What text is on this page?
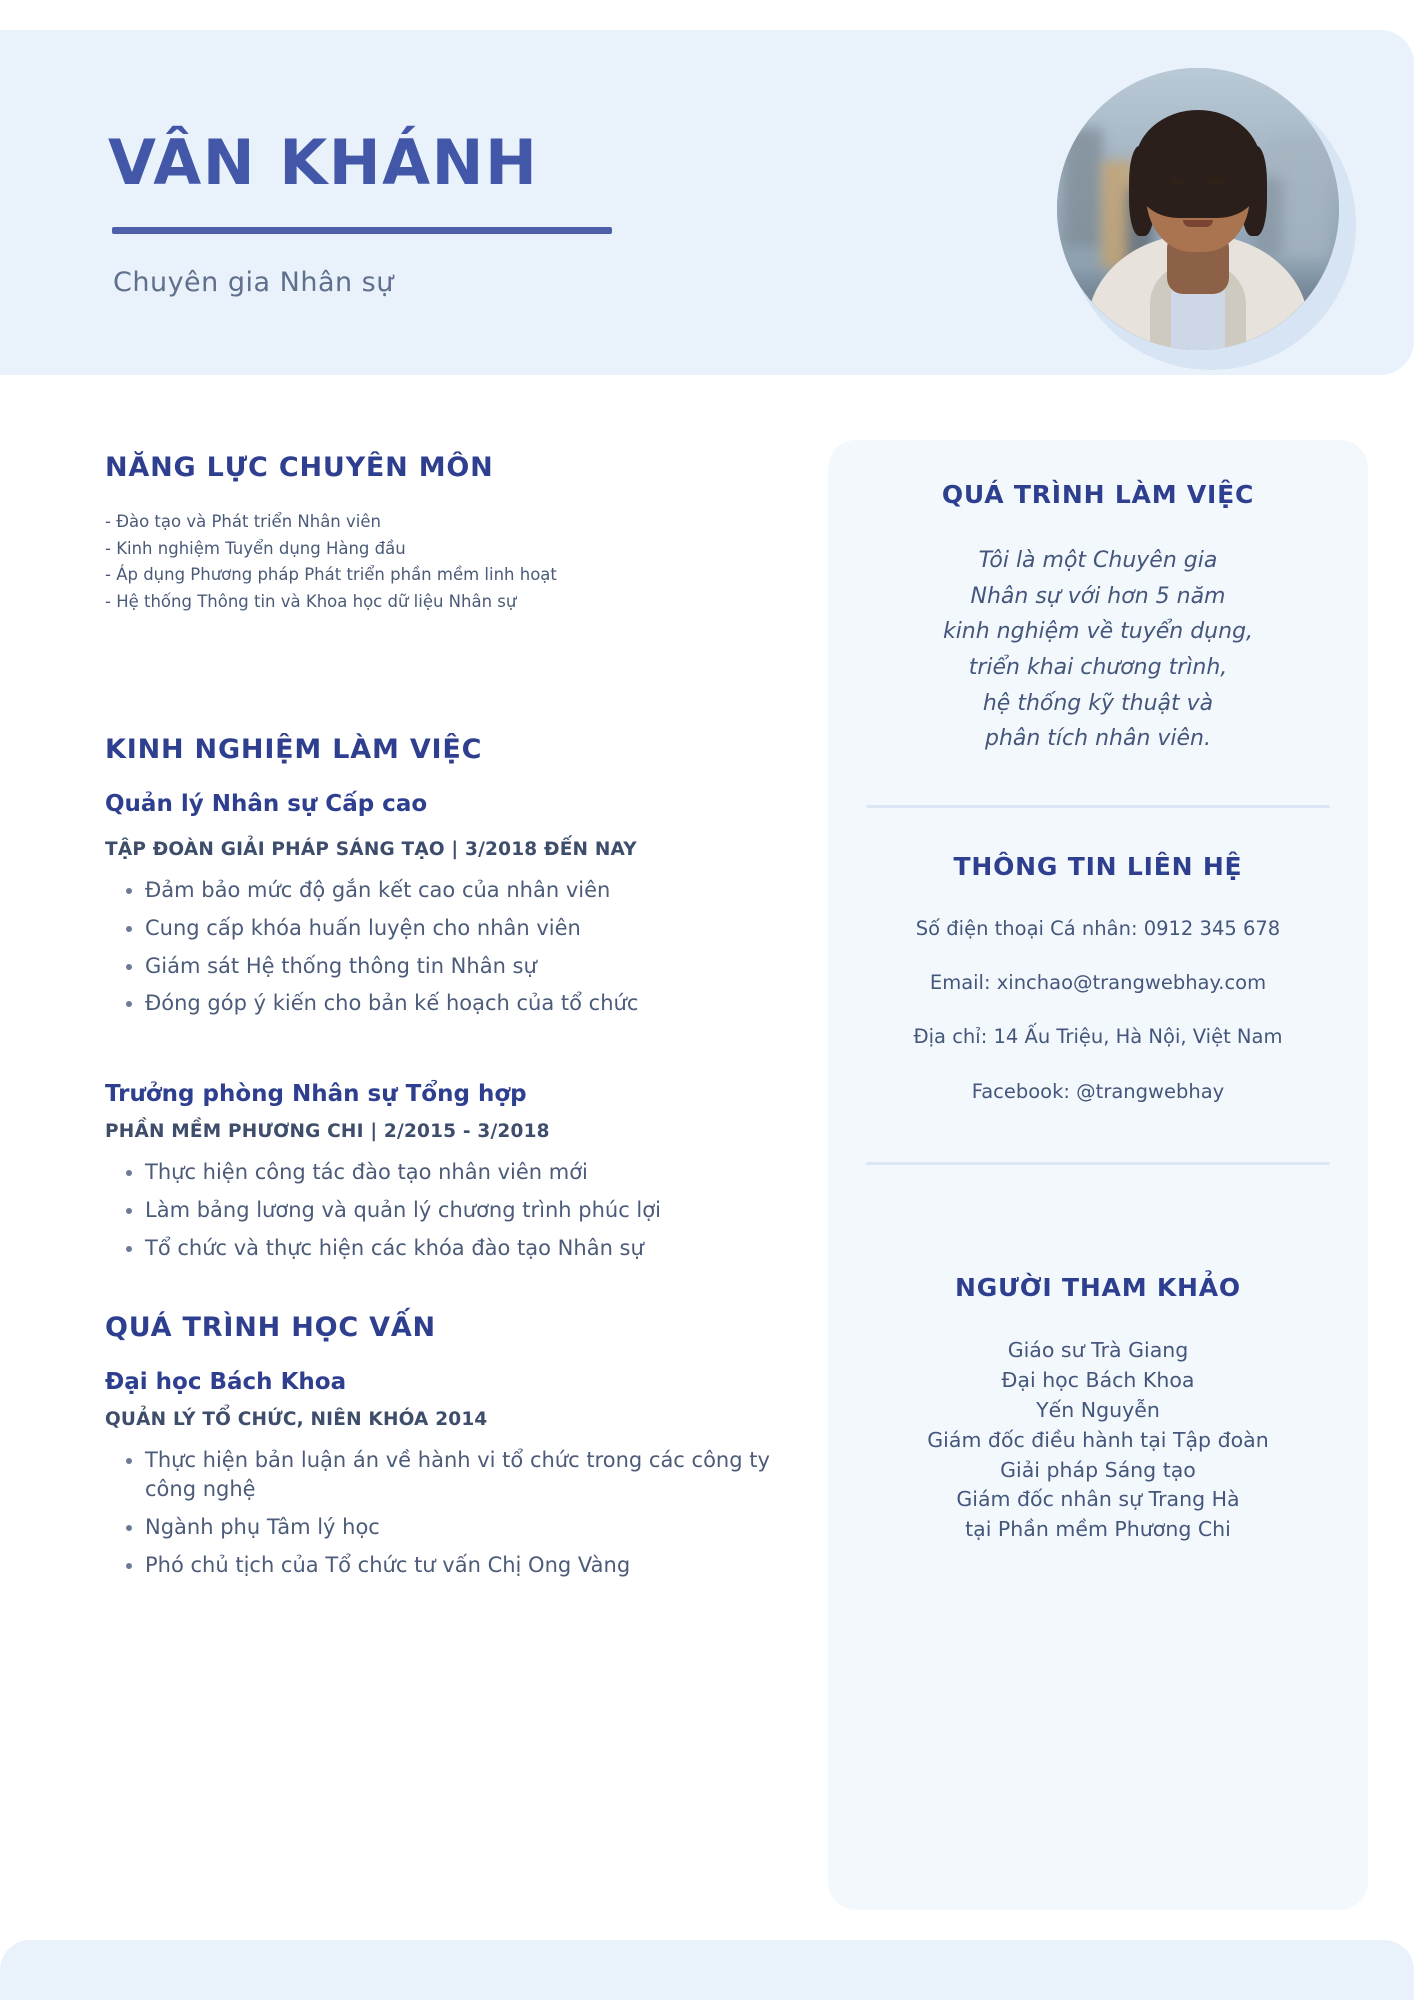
VÂN KHÁNH
Chuyên gia Nhân sự
NĂNG LỰC CHUYÊN MÔN

- Đào tạo và Phát triển Nhân viên

- Kinh nghiệm Tuyển dụng Hàng đầu

- Áp dụng Phương pháp Phát triển phần mềm linh hoạt

- Hệ thống Thông tin và Khoa học dữ liệu Nhân sự

KINH NGHIỆM LÀM VIỆC
Quản lý Nhân sự Cấp cao
TẬP ĐOÀN GIẢI PHÁP SÁNG TẠO | 3/2018 ĐẾN NAY
• Đảm bảo mức độ gắn kết cao của nhân viên
• Cung cấp khóa huấn luyện cho nhân viên
• Giám sát Hệ thống thông tin Nhân sự
• Đóng góp ý kiến cho bản kế hoạch của tổ chức
Trưởng phòng Nhân sự Tổng hợp
PHẦN MỀM PHƯƠNG CHI | 2/2015 - 3/2018
• Thực hiện công tác đào tạo nhân viên mới
• Làm bảng lương và quản lý chương trình phúc lợi
• Tổ chức và thực hiện các khóa đào tạo Nhân sự
QUÁ TRÌNH HỌC VẤN
Đại học Bách Khoa
QUẢN LÝ TỔ CHỨC, NIÊN KHÓA 2014
• Thực hiện bản luận án về hành vi tổ chức trong các công ty công nghệ
• Ngành phụ Tâm lý học
• Phó chủ tịch của Tổ chức tư vấn Chị Ong Vàng
QUÁ TRÌNH LÀM VIỆC
Tôi là một Chuyên gia
Nhân sự với hơn 5 năm
kinh nghiệm về tuyển dụng,
triển khai chương trình,
hệ thống kỹ thuật và
phân tích nhân viên.
THÔNG TIN LIÊN HỆ

Số điện thoại Cá nhân: 0912 345 678

Email: xinchao@trangwebhay.com

Địa chỉ: 14 Ấu Triệu, Hà Nội, Việt Nam

Facebook: @trangwebhay

NGƯỜI THAM KHẢO

Giáo sư Trà Giang

Đại học Bách Khoa

Yến Nguyễn

Giám đốc điều hành tại Tập đoàn

Giải pháp Sáng tạo

Giám đốc nhân sự Trang Hà

tại Phần mềm Phương Chi
